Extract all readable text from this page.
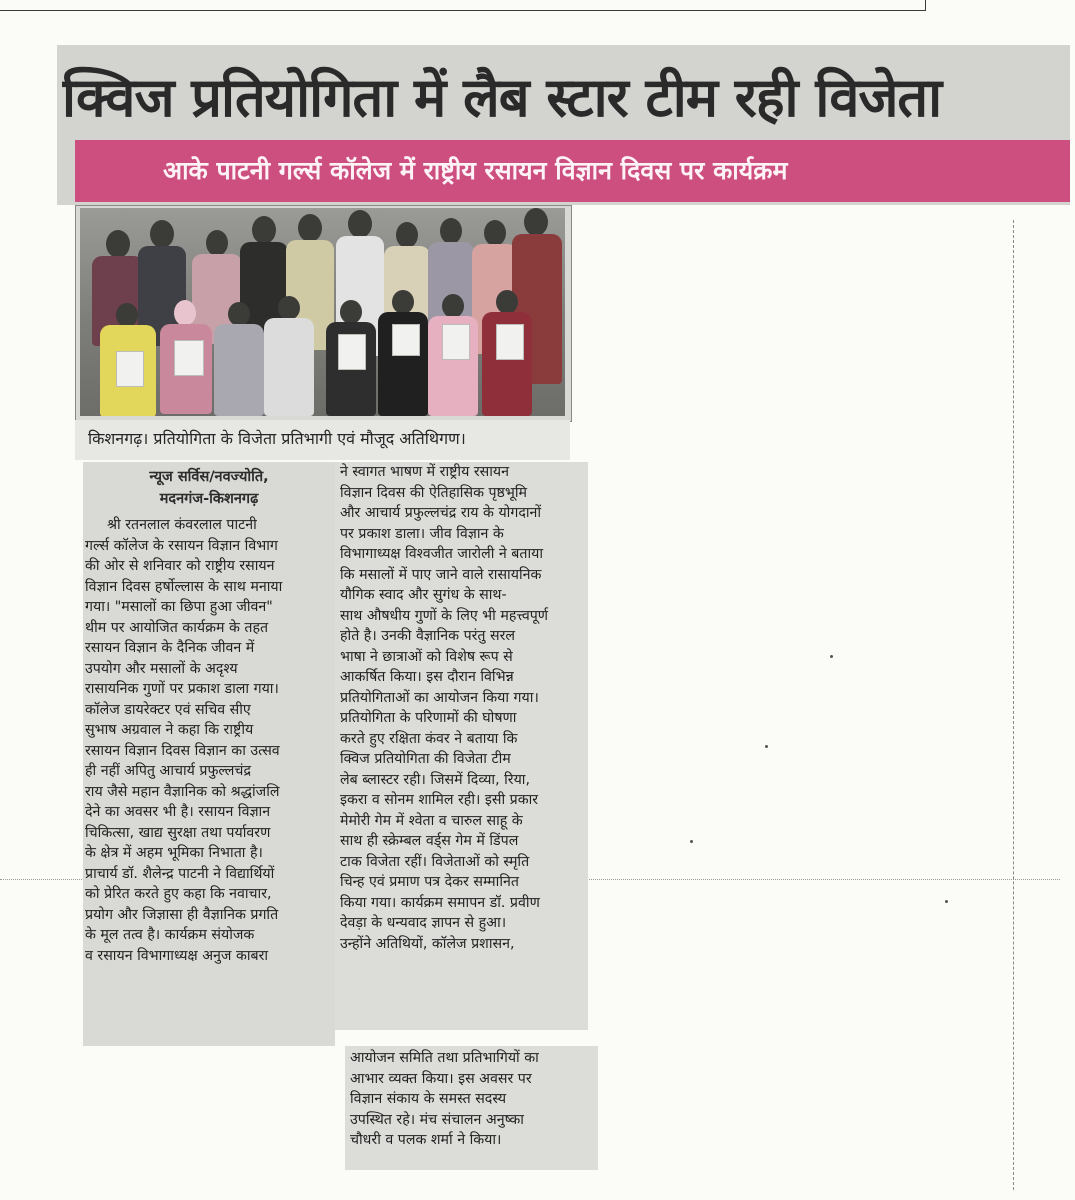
क्विज प्रतियोगिता में लैब स्टार टीम रही विजेता
आके पाटनी गर्ल्स कॉलेज में राष्ट्रीय रसायन विज्ञान दिवस पर कार्यक्रम
किशनगढ़। प्रतियोगिता के विजेता प्रतिभागी एवं मौजूद अतिथिगण।
न्यूज सर्विस/नवज्योति,
मदनगंज-किशनगढ़
श्री रतनलाल कंवरलाल पाटनी
गर्ल्स कॉलेज के रसायन विज्ञान विभाग
की ओर से शनिवार को राष्ट्रीय रसायन
विज्ञान दिवस हर्षोल्लास के साथ मनाया
गया। "मसालों का छिपा हुआ जीवन"
थीम पर आयोजित कार्यक्रम के तहत
रसायन विज्ञान के दैनिक जीवन में
उपयोग और मसालों के अदृश्य
रासायनिक गुणों पर प्रकाश डाला गया।
कॉलेज डायरेक्टर एवं सचिव सीए
सुभाष अग्रवाल ने कहा कि राष्ट्रीय
रसायन विज्ञान दिवस विज्ञान का उत्सव
ही नहीं अपितु आचार्य प्रफुल्लचंद्र
राय जैसे महान वैज्ञानिक को श्रद्धांजलि
देने का अवसर भी है। रसायन विज्ञान
चिकित्सा, खाद्य सुरक्षा तथा पर्यावरण
के क्षेत्र में अहम भूमिका निभाता है।
प्राचार्य डॉ. शैलेन्द्र पाटनी ने विद्यार्थियों
को प्रेरित करते हुए कहा कि नवाचार,
प्रयोग और जिज्ञासा ही वैज्ञानिक प्रगति
के मूल तत्व है। कार्यक्रम संयोजक
व रसायन विभागाध्यक्ष अनुज काबरा
ने स्वागत भाषण में राष्ट्रीय रसायन
विज्ञान दिवस की ऐतिहासिक पृष्ठभूमि
और आचार्य प्रफुल्लचंद्र राय के योगदानों
पर प्रकाश डाला। जीव विज्ञान के
विभागाध्यक्ष विश्वजीत जारोली ने बताया
कि मसालों में पाए जाने वाले रासायनिक
यौगिक स्वाद और सुगंध के साथ-
साथ औषधीय गुणों के लिए भी महत्त्वपूर्ण
होते है। उनकी वैज्ञानिक परंतु सरल
भाषा ने छात्राओं को विशेष रूप से
आकर्षित किया। इस दौरान विभिन्न
प्रतियोगिताओं का आयोजन किया गया।
प्रतियोगिता के परिणामों की घोषणा
करते हुए रक्षिता कंवर ने बताया कि
क्विज प्रतियोगिता की विजेता टीम
लेब ब्लास्टर रही। जिसमें दिव्या, रिया,
इकरा व सोनम शामिल रही। इसी प्रकार
मेमोरी गेम में श्वेता व चारुल साहू के
साथ ही स्क्रेम्बल वर्ड्स गेम में डिंपल
टाक विजेता रहीं। विजेताओं को स्मृति
चिन्ह एवं प्रमाण पत्र देकर सम्मानित
किया गया। कार्यक्रम समापन डॉ. प्रवीण
देवड़ा के धन्यवाद ज्ञापन से हुआ।
उन्होंने अतिथियों, कॉलेज प्रशासन,
आयोजन समिति तथा प्रतिभागियों का
आभार व्यक्त किया। इस अवसर पर
विज्ञान संकाय के समस्त सदस्य
उपस्थित रहे। मंच संचालन अनुष्का
चौधरी व पलक शर्मा ने किया।
